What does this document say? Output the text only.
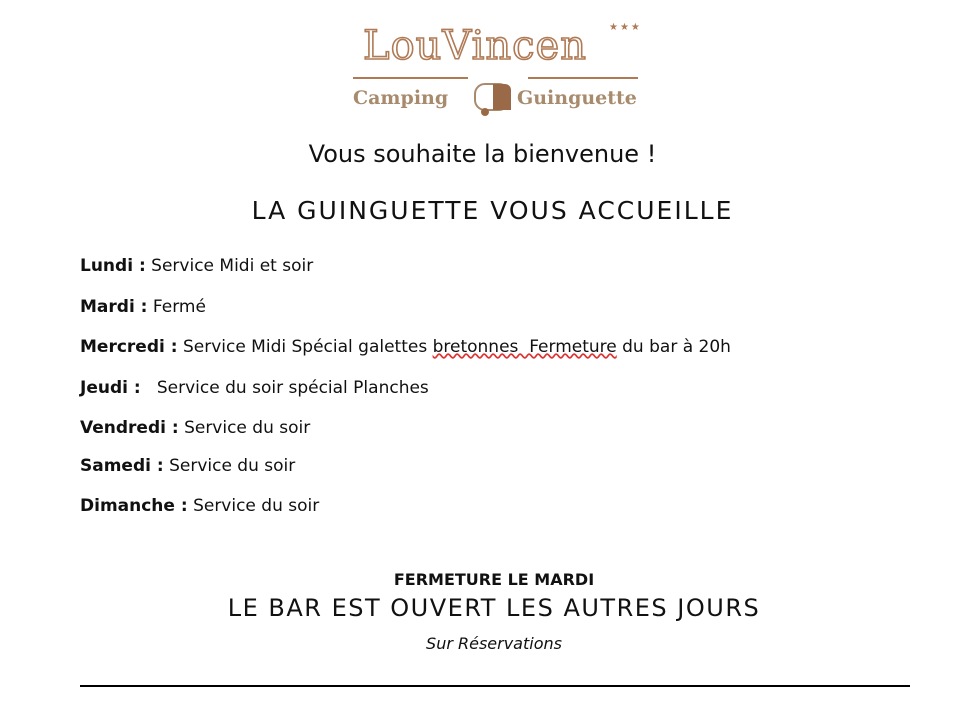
LouVincen	★★★
Camping	Guinguette
Vous souhaite la bienvenue !
LA GUINGUETTE VOUS ACCUEILLE
Lundi : Service Midi et soir
Mardi : Fermé
Mercredi : Service Midi Spécial galettes bretonnes  Fermeture du bar à 20h
Jeudi :   Service du soir spécial Planches
Vendredi : Service du soir
Samedi : Service du soir
Dimanche : Service du soir
FERMETURE LE MARDI
LE BAR EST OUVERT LES AUTRES JOURS
Sur Réservations
